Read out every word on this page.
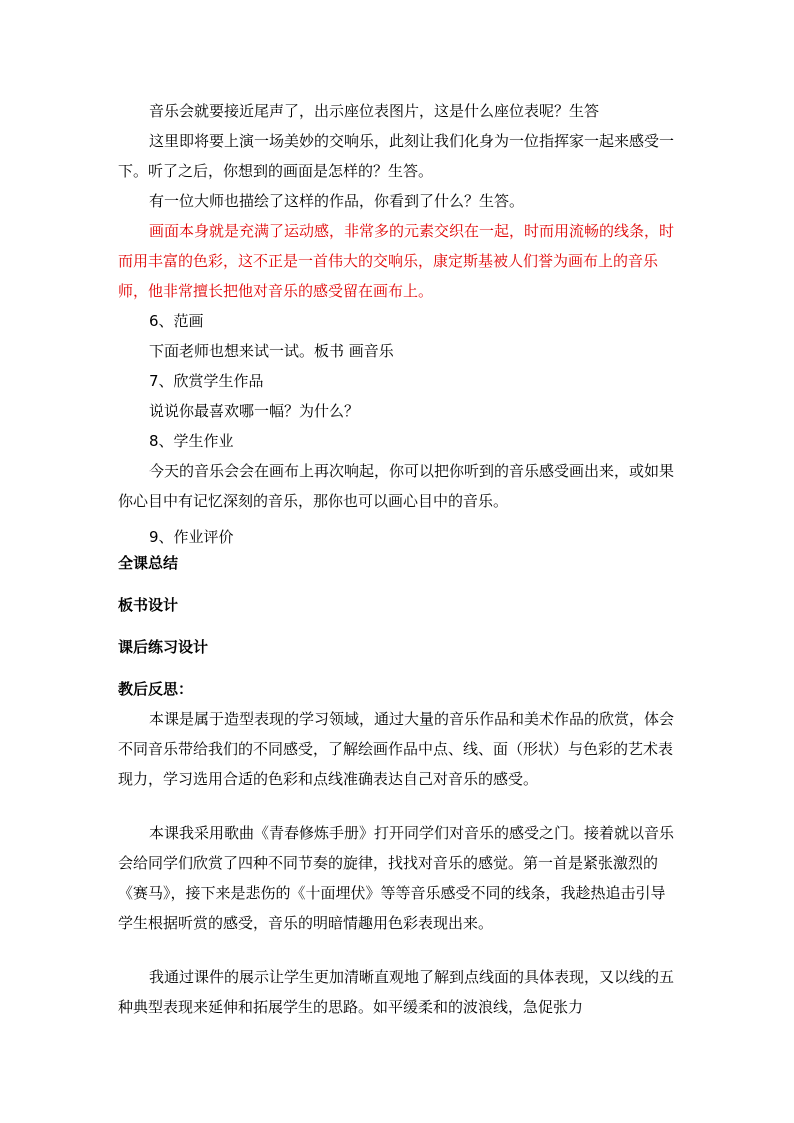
音乐会就要接近尾声了，出示座位表图片，这是什么座位表呢？生答

这里即将要上演一场美妙的交响乐，此刻让我们化身为一位指挥家一起来感受一下。听了之后，你想到的画面是怎样的？生答。

有一位大师也描绘了这样的作品，你看到了什么？生答。

画面本身就是充满了运动感，非常多的元素交织在一起，时而用流畅的线条，时而用丰富的色彩，这不正是一首伟大的交响乐，康定斯基被人们誉为画布上的音乐师，他非常擅长把他对音乐的感受留在画布上。

6、范画

下面老师也想来试一试。板书 画音乐

7、欣赏学生作品

说说你最喜欢哪一幅？为什么？

8、学生作业

今天的音乐会会在画布上再次响起，你可以把你听到的音乐感受画出来，或如果你心目中有记忆深刻的音乐，那你也可以画心目中的音乐。

9、作业评价

全课总结

板书设计

课后练习设计

教后反思：

本课是属于造型表现的学习领域，通过大量的音乐作品和美术作品的欣赏，体会不同音乐带给我们的不同感受，了解绘画作品中点、线、面（形状）与色彩的艺术表现力，学习选用合适的色彩和点线准确表达自己对音乐的感受。

本课我采用歌曲《青春修炼手册》打开同学们对音乐的感受之门。接着就以音乐会给同学们欣赏了四种不同节奏的旋律，找找对音乐的感觉。第一首是紧张激烈的《赛马》，接下来是悲伤的《十面埋伏》等等音乐感受不同的线条，我趁热追击引导学生根据听赏的感受，音乐的明暗情趣用色彩表现出来。

我通过课件的展示让学生更加清晰直观地了解到点线面的具体表现，又以线的五种典型表现来延伸和拓展学生的思路。如平缓柔和的波浪线，急促张力
